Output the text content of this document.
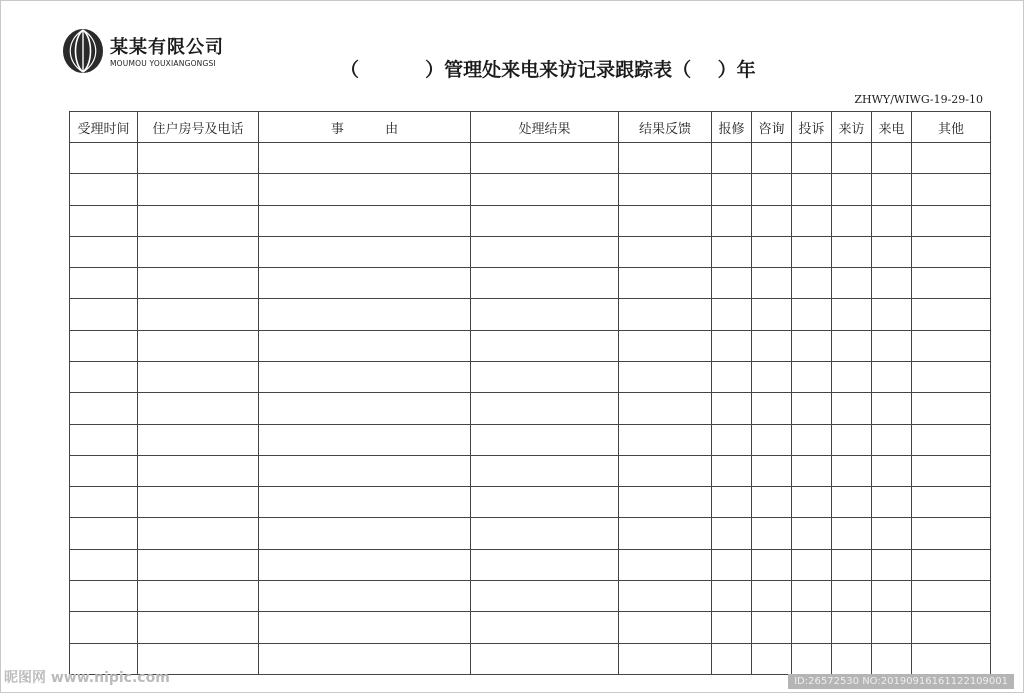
某某有限公司
MOUMOU YOUXIANGONGSI	（          ）管理处来电来访记录跟踪表（    ）年
ZHWY/WIWG-19-29-10
受理时间	住户房号及电话	事          由	处理结果	结果反馈	报修	咨询	投诉	来访	来电	其他

昵图网 www.nipic.com	ID:26572530 NO:20190916161122109001
